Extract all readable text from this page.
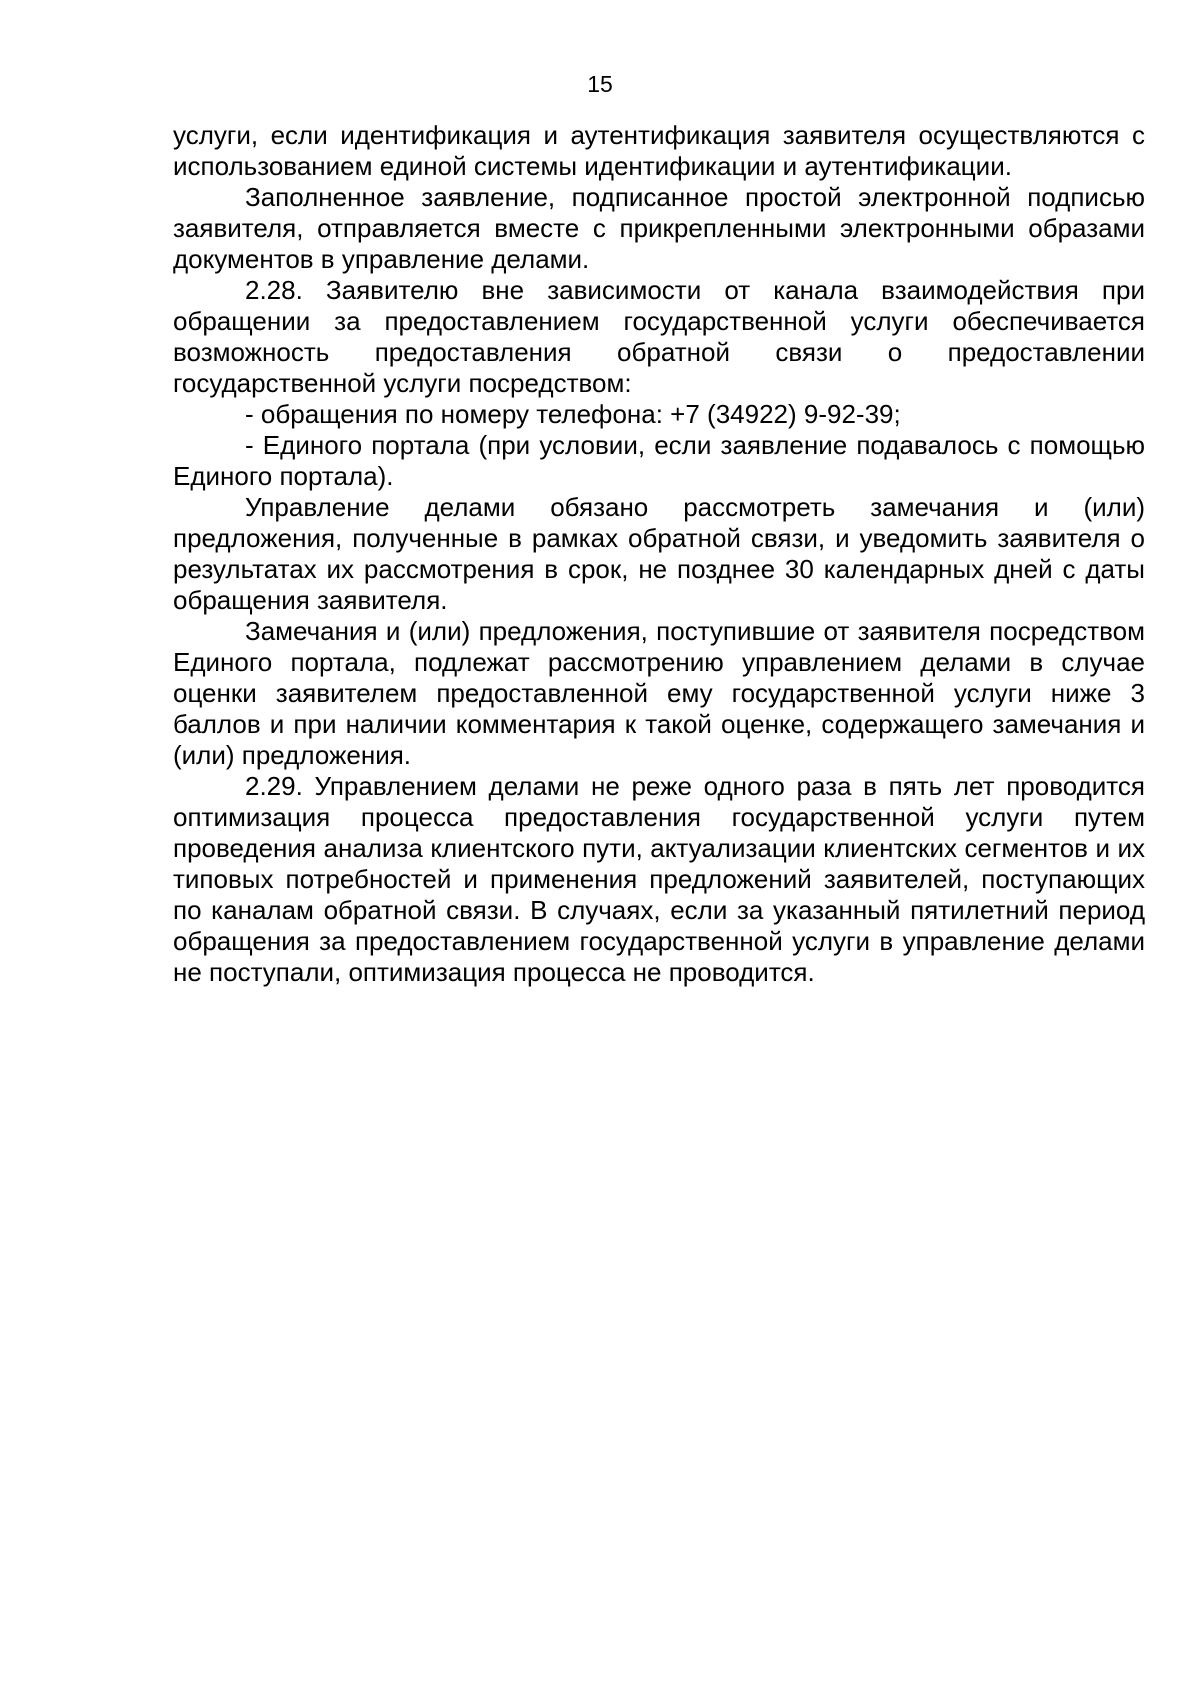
15

услуги, если идентификация и аутентификация заявителя осуществляются с использованием единой системы идентификации и аутентификации.

Заполненное заявление, подписанное простой электронной подписью заявителя, отправляется вместе с прикрепленными электронными образами документов в управление делами.

2.28. Заявителю вне зависимости от канала взаимодействия при обращении за предоставлением государственной услуги обеспечивается возможность предоставления обратной связи о предоставлении государственной услуги посредством:

- обращения по номеру телефона: +7 (34922) 9-92-39;

- Единого портала (при условии, если заявление подавалось с помощью Единого портала).

Управление делами обязано рассмотреть замечания и (или) предложения, полученные в рамках обратной связи, и уведомить заявителя о результатах их рассмотрения в срок, не позднее 30 календарных дней с даты обращения заявителя.

Замечания и (или) предложения, поступившие от заявителя посредством Единого портала, подлежат рассмотрению управлением делами в случае оценки заявителем предоставленной ему государственной услуги ниже 3 баллов и при наличии комментария к такой оценке, содержащего замечания и (или) предложения.

2.29. Управлением делами не реже одного раза в пять лет проводится оптимизация процесса предоставления государственной услуги путем проведения анализа клиентского пути, актуализации клиентских сегментов и их типовых потребностей и применения предложений заявителей, поступающих по каналам обратной связи. В случаях, если за указанный пятилетний период обращения за предоставлением государственной услуги в управление делами не поступали, оптимизация процесса не проводится.
